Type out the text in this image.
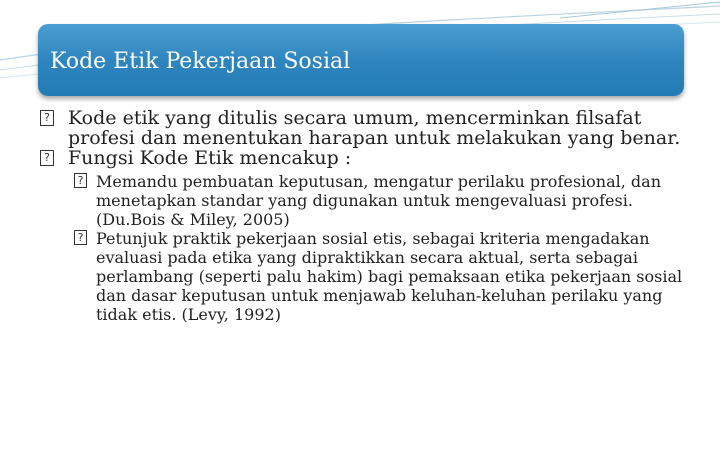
Kode Etik Pekerjaan Sosial
? Kode etik yang ditulis secara umum, mencerminkan filsafat profesi dan menentukan harapan untuk melakukan yang benar.
? Fungsi Kode Etik mencakup :
? Memandu pembuatan keputusan, mengatur perilaku profesional, dan menetapkan standar yang digunakan untuk mengevaluasi profesi. (Du.Bois & Miley, 2005)
? Petunjuk praktik pekerjaan sosial etis, sebagai kriteria mengadakan evaluasi pada etika yang dipraktikkan secara aktual, serta sebagai perlambang (seperti palu hakim) bagi pemaksaan etika pekerjaan sosial dan dasar keputusan untuk menjawab keluhan-keluhan perilaku yang tidak etis. (Levy, 1992)
